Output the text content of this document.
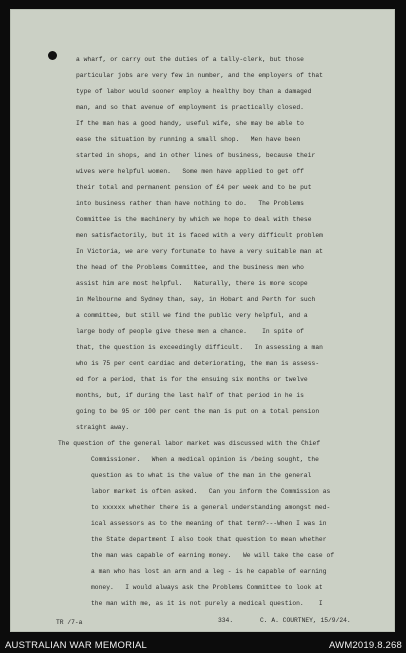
a wharf, or carry out the duties of a tally-clerk, but those
particular jobs are very few in number, and the employers of that
type of labor would sooner employ a healthy boy than a damaged
man, and so that avenue of employment is practically closed.
If the man has a good handy, useful wife, she may be able to
ease the situation by running a small shop.   Men have been
started in shops, and in other lines of business, because their
wives were helpful women.   Some men have applied to get off
their total and permanent pension of £4 per week and to be put
into business rather than have nothing to do.   The Problems
Committee is the machinery by which we hope to deal with these
men satisfactorily, but it is faced with a very difficult problem
In Victoria, we are very fortunate to have a very suitable man at
the head of the Problems Committee, and the business men who
assist him are most helpful.   Naturally, there is more scope
in Melbourne and Sydney than, say, in Hobart and Perth for such
a committee, but still we find the public very helpful, and a
large body of people give these men a chance.    In spite of
that, the question is exceedingly difficult.   In assessing a man
who is 75 per cent cardiac and deteriorating, the man is assess-
ed for a period, that is for the ensuing six months or twelve
months, but, if during the last half of that period in he is
going to be 95 or 100 per cent the man is put on a total pension
straight away.
The question of the general labor market was discussed with the Chief
Commissioner.   When a medical opinion is /being sought, the
question as to what is the value of the man in the general
labor market is often asked.   Can you inform the Commission as
to xxxxxx whether there is a general understanding amongst med-
ical assessors as to the meaning of that term?---When I was in
the State department I also took that question to mean whether
the man was capable of earning money.   We will take the case of
a man who has lost an arm and a leg - is he capable of earning
money.   I would always ask the Problems Committee to look at
the man with me, as it is not purely a medical question.    I
TR /7-a	334.	C. A. COURTNEY, 15/9/24.
AUSTRALIAN WAR MEMORIAL	AWM2019.8.268
